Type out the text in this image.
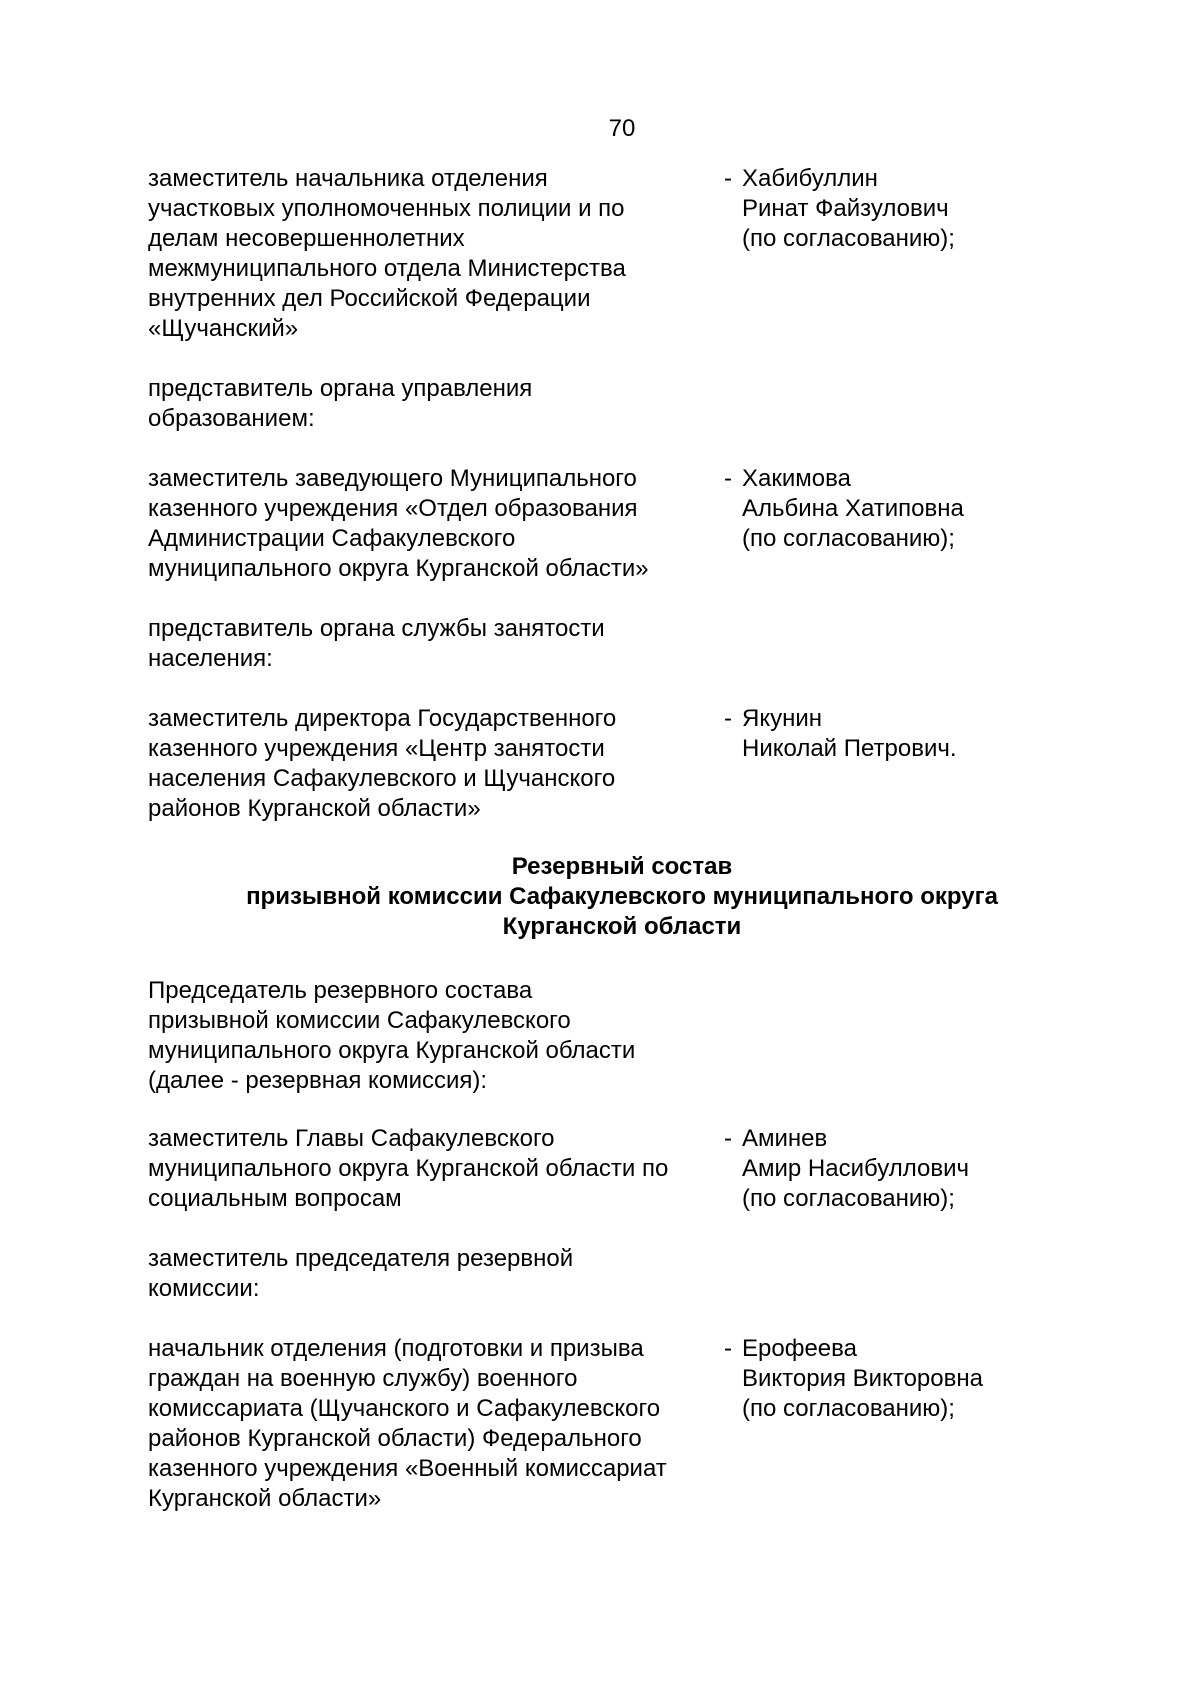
70
заместитель начальника отделения
участковых уполномоченных полиции и по
делам несовершеннолетних
межмуниципального отдела Министерства
внутренних дел Российской Федерации
«Щучанский»
- Хабибуллин
Ринат Файзулович
(по согласованию);
представитель органа управления
образованием:
заместитель заведующего Муниципального
казенного учреждения «Отдел образования
Администрации Сафакулевского
муниципального округа Курганской области»
- Хакимова
Альбина Хатиповна
(по согласованию);
представитель органа службы занятости
населения:
заместитель директора Государственного
казенного учреждения «Центр занятости
населения Сафакулевского и Щучанского
районов Курганской области»
- Якунин
Николай Петрович.
Резервный состав
призывной комиссии Сафакулевского муниципального округа
Курганской области
Председатель резервного состава
призывной комиссии Сафакулевского
муниципального округа Курганской области
(далее - резервная комиссия):
заместитель Главы Сафакулевского
муниципального округа Курганской области по
социальным вопросам
- Аминев
Амир Насибуллович
(по согласованию);
заместитель председателя резервной
комиссии:
начальник отделения (подготовки и призыва
граждан на военную службу) военного
комиссариата (Щучанского и Сафакулевского
районов Курганской области) Федерального
казенного учреждения «Военный комиссариат
Курганской области»
- Ерофеева
Виктория Викторовна
(по согласованию);
